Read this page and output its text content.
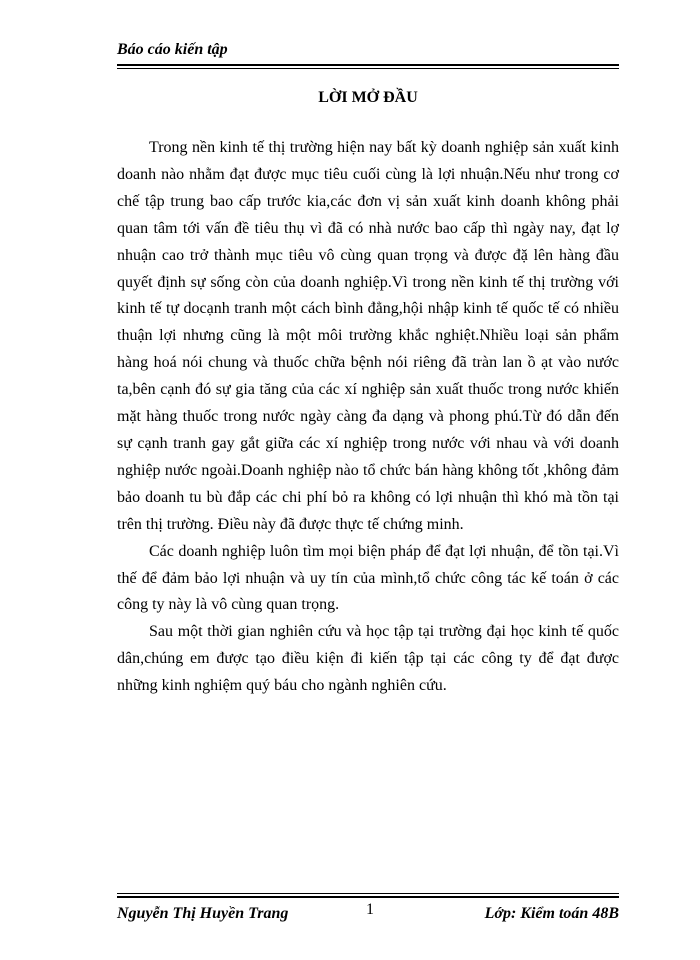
Báo cáo kiến tập
LỜI MỞ ĐẦU

Trong nền kinh tế thị trường hiện nay bất kỳ doanh nghiệp sản xuất kinh doanh nào nhằm đạt được mục tiêu cuối cùng là lợi nhuận.Nếu như trong cơ chế tập trung bao cấp trước kia,các đơn vị sản xuất kinh doanh không phải quan tâm tới vấn đề tiêu thụ vì đã có nhà nước bao cấp thì ngày nay, đạt lợ nhuận cao trở thành mục tiêu vô cùng quan trọng và được đặ lên hàng đầu quyết định sự sống còn của doanh nghiệp.Vì trong nền kinh tế thị trường với kinh tế tự docạnh tranh một cách bình đẳng,hội nhập kinh tế quốc tế có nhiều thuận lợi nhưng cũng là một môi trường khắc nghiệt.Nhiều loại sản phẩm hàng hoá nói chung và thuốc chữa bệnh nói riêng đã tràn lan ồ ạt vào nước ta,bên cạnh đó sự gia tăng của các xí nghiệp sản xuất thuốc trong nước khiến mặt hàng thuốc trong nước ngày càng đa dạng và phong phú.Từ đó dẫn đến sự cạnh tranh gay gắt giữa các xí nghiệp trong nước với nhau và với doanh nghiệp nước ngoài.Doanh nghiệp nào tổ chức bán hàng không tốt ,không đảm bảo doanh tu bù đắp các chi phí bỏ ra không có lợi nhuận thì khó mà tồn tại trên thị trường. Điều này đã được thực tế chứng minh.

Các doanh nghiệp luôn tìm mọi biện pháp để đạt lợi nhuận, để tồn tại.Vì thế để đảm bảo lợi nhuận và uy tín của mình,tổ chức công tác kế toán ở các công ty này là vô cùng quan trọng.

Sau một thời gian nghiên cứu và học tập tại trường đại học kinh tế quốc dân,chúng em được tạo điều kiện đi kiến tập tại các công ty để đạt được những kinh nghiệm quý báu cho ngành nghiên cứu.

Nguyễn Thị Huyền Trang	1	Lớp: Kiểm toán 48B
